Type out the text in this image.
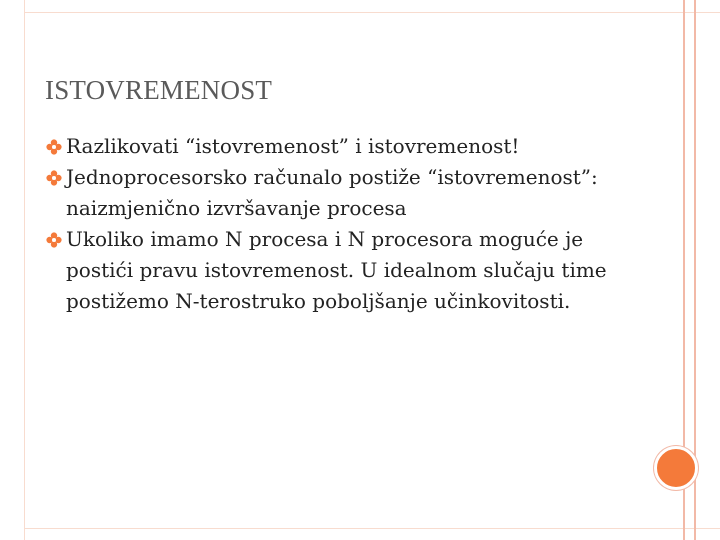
ISTOVREMENOST
Razlikovati “istovremenost” i istovremenost!
Jednoprocesorsko računalo postiže “istovremenost”: naizmjenično izvršavanje procesa
Ukoliko imamo N procesa i N procesora moguće je postići pravu istovremenost. U idealnom slučaju time postižemo N-terostruko poboljšanje učinkovitosti.
